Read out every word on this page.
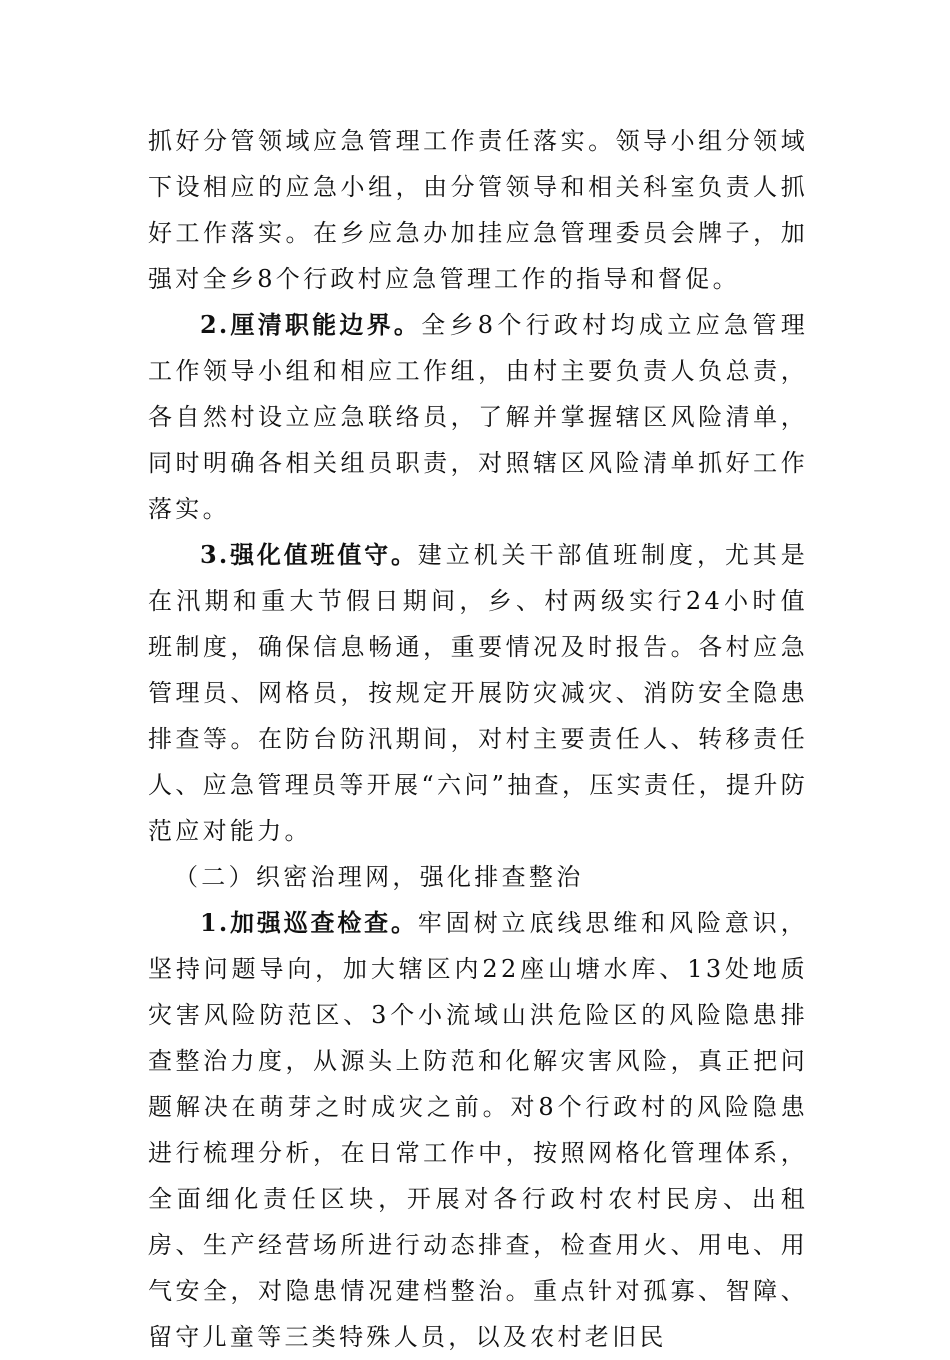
抓好分管领域应急管理工作责任落实。领导小组分领域下设相应的应急小组，由分管领导和相关科室负责人抓好工作落实。在乡应急办加挂应急管理委员会牌子，加强对全乡8个行政村应急管理工作的指导和督促。

2.厘清职能边界。全乡8个行政村均成立应急管理工作领导小组和相应工作组，由村主要负责人负总责，各自然村设立应急联络员，了解并掌握辖区风险清单，同时明确各相关组员职责，对照辖区风险清单抓好工作落实。

3.强化值班值守。建立机关干部值班制度，尤其是在汛期和重大节假日期间，乡、村两级实行24小时值班制度，确保信息畅通，重要情况及时报告。各村应急管理员、网格员，按规定开展防灾减灾、消防安全隐患排查等。在防台防汛期间，对村主要责任人、转移责任人、应急管理员等开展“六问”抽查，压实责任，提升防范应对能力。

（二）织密治理网，强化排查整治

1.加强巡查检查。牢固树立底线思维和风险意识，坚持问题导向，加大辖区内22座山塘水库、13处地质灾害风险防范区、3个小流域山洪危险区的风险隐患排查整治力度，从源头上防范和化解灾害风险，真正把问题解决在萌芽之时成灾之前。对8个行政村的风险隐患进行梳理分析，在日常工作中，按照网格化管理体系，全面细化责任区块，开展对各行政村农村民房、出租房、生产经营场所进行动态排查，检查用火、用电、用气安全，对隐患情况建档整治。重点针对孤寡、智障、留守儿童等三类特殊人员，以及农村老旧民
